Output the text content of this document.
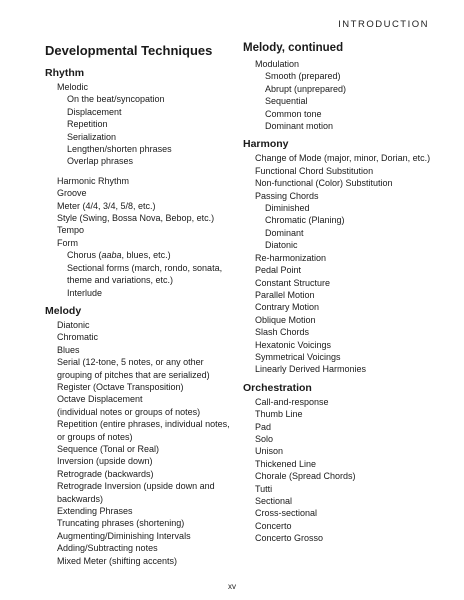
INTRODUCTION
Developmental Techniques
Rhythm
Melodic
On the beat/syncopation
Displacement
Repetition
Serialization
Lengthen/shorten phrases
Overlap phrases
Harmonic Rhythm
Groove
Meter (4/4, 3/4, 5/8, etc.)
Style (Swing, Bossa Nova, Bebop, etc.)
Tempo
Form
Chorus (aaba, blues, etc.)
Sectional forms (march, rondo, sonata,
theme and variations, etc.)
Interlude
Melody
Diatonic
Chromatic
Blues
Serial (12-tone, 5 notes, or any other
grouping of pitches that are serialized)
Register (Octave Transposition)
Octave Displacement
(individual notes or groups of notes)
Repetition (entire phrases, individual notes,
or groups of notes)
Sequence (Tonal or Real)
Inversion (upside down)
Retrograde (backwards)
Retrograde Inversion (upside down and
backwards)
Extending Phrases
Truncating phrases (shortening)
Augmenting/Diminishing Intervals
Adding/Subtracting notes
Mixed Meter (shifting accents)
Melody, continued
Modulation
Smooth (prepared)
Abrupt (unprepared)
Sequential
Common tone
Dominant motion
Harmony
Change of Mode (major, minor, Dorian, etc.)
Functional Chord Substitution
Non-functional (Color) Substitution
Passing Chords
Diminished
Chromatic (Planing)
Dominant
Diatonic
Re-harmonization
Pedal Point
Constant Structure
Parallel Motion
Contrary Motion
Oblique Motion
Slash Chords
Hexatonic Voicings
Symmetrical Voicings
Linearly Derived Harmonies
Orchestration
Call-and-response
Thumb Line
Pad
Solo
Unison
Thickened Line
Chorale (Spread Chords)
Tutti
Sectional
Cross-sectional
Concerto
Concerto Grosso
xv
